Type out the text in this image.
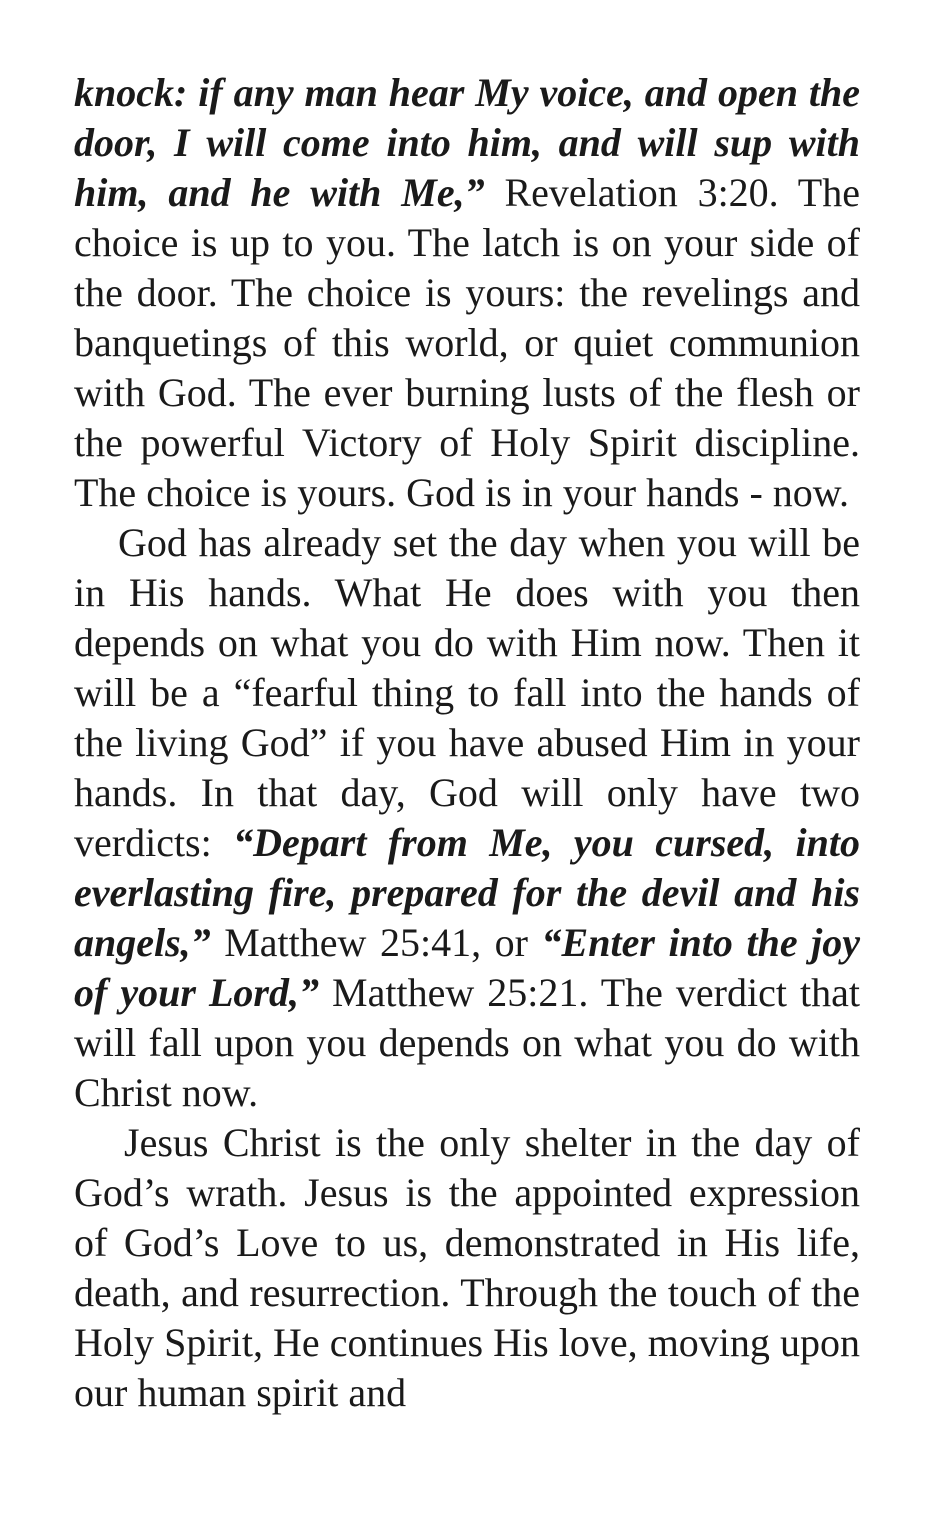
knock: if any man hear My voice, and open the door, I will come into him, and will sup with him, and he with Me,” Revelation 3:20. The choice is up to you. The latch is on your side of the door. The choice is yours: the revelings and banquetings of this world, or quiet communion with God. The ever burning lusts of the flesh or the powerful Victory of Holy Spirit discipline. The choice is yours. God is in your hands - now.

God has already set the day when you will be in His hands. What He does with you then depends on what you do with Him now. Then it will be a “fearful thing to fall into the hands of the living God” if you have abused Him in your hands. In that day, God will only have two verdicts: “Depart from Me, you cursed, into everlasting fire, prepared for the devil and his angels,” Matthew 25:41, or “Enter into the joy of your Lord,” Matthew 25:21. The verdict that will fall upon you depends on what you do with Christ now.

Jesus Christ is the only shelter in the day of God’s wrath. Jesus is the appointed expression of God’s Love to us, demonstrated in His life, death, and resurrection. Through the touch of the Holy Spirit, He continues His love, moving upon our human spirit and
